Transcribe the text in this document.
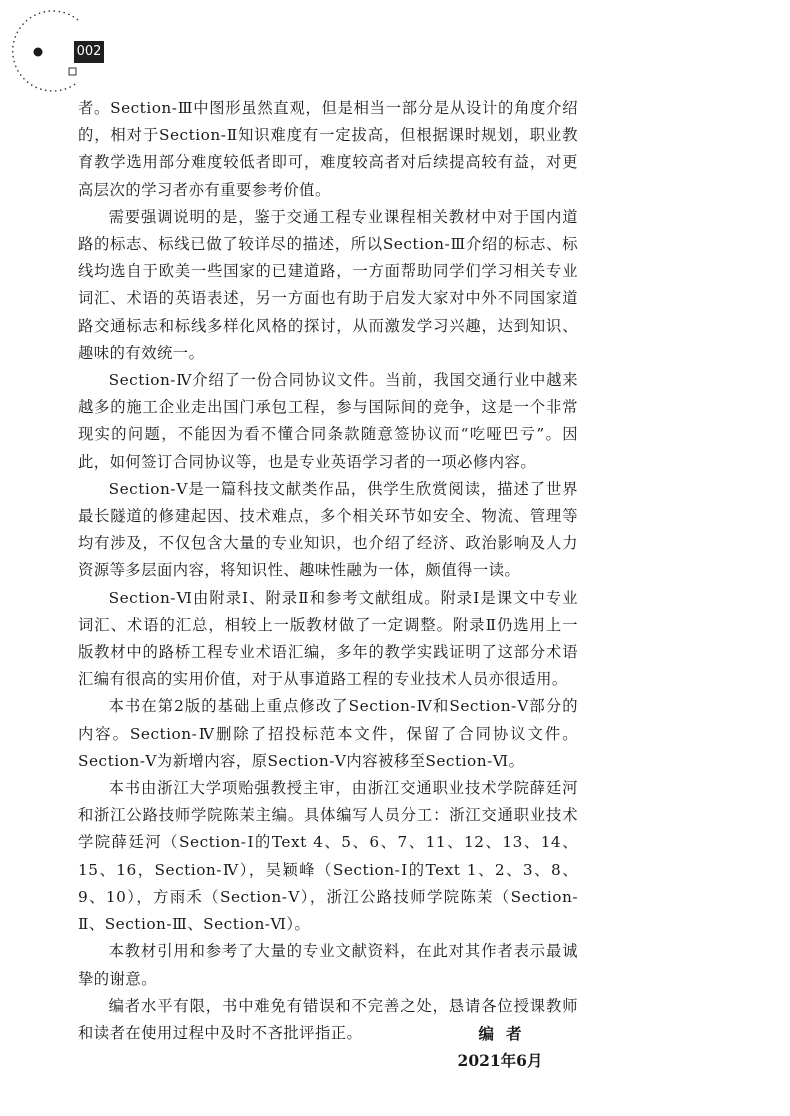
002

者。Section-Ⅲ中图形虽然直观，但是相当一部分是从设计的角度介绍的，相对于Section-Ⅱ知识难度有一定拔高，但根据课时规划，职业教育教学选用部分难度较低者即可，难度较高者对后续提高较有益，对更高层次的学习者亦有重要参考价值。

需要强调说明的是，鉴于交通工程专业课程相关教材中对于国内道路的标志、标线已做了较详尽的描述，所以Section-Ⅲ介绍的标志、标线均选自于欧美一些国家的已建道路，一方面帮助同学们学习相关专业词汇、术语的英语表述，另一方面也有助于启发大家对中外不同国家道路交通标志和标线多样化风格的探讨，从而激发学习兴趣，达到知识、趣味的有效统一。

Section-Ⅳ介绍了一份合同协议文件。当前，我国交通行业中越来越多的施工企业走出国门承包工程，参与国际间的竞争，这是一个非常现实的问题，不能因为看不懂合同条款随意签协议而“吃哑巴亏”。因此，如何签订合同协议等，也是专业英语学习者的一项必修内容。

Section-Ⅴ是一篇科技文献类作品，供学生欣赏阅读，描述了世界最长隧道的修建起因、技术难点，多个相关环节如安全、物流、管理等均有涉及，不仅包含大量的专业知识，也介绍了经济、政治影响及人力资源等多层面内容，将知识性、趣味性融为一体，颇值得一读。

Section-Ⅵ由附录Ⅰ、附录Ⅱ和参考文献组成。附录Ⅰ是课文中专业词汇、术语的汇总，相较上一版教材做了一定调整。附录Ⅱ仍选用上一版教材中的路桥工程专业术语汇编，多年的教学实践证明了这部分术语汇编有很高的实用价值，对于从事道路工程的专业技术人员亦很适用。

本书在第2版的基础上重点修改了Section-Ⅳ和Section-Ⅴ部分的内容。Section-Ⅳ删除了招投标范本文件，保留了合同协议文件。Section-Ⅴ为新增内容，原Section-Ⅴ内容被移至Section-Ⅵ。

本书由浙江大学项贻强教授主审，由浙江交通职业技术学院薛廷河和浙江公路技师学院陈茉主编。具体编写人员分工：浙江交通职业技术学院薛廷河（Section-Ⅰ的Text 4、5、6、7、11、12、13、14、15、16，Section-Ⅳ），吴颖峰（Section-Ⅰ的Text 1、2、3、8、9、10），方雨禾（Section-Ⅴ），浙江公路技师学院陈茉（Section-Ⅱ、Section-Ⅲ、Section-Ⅵ）。

本教材引用和参考了大量的专业文献资料，在此对其作者表示最诚挚的谢意。

编者水平有限，书中难免有错误和不完善之处，恳请各位授课教师和读者在使用过程中及时不吝批评指正。	编者
2021年6月
